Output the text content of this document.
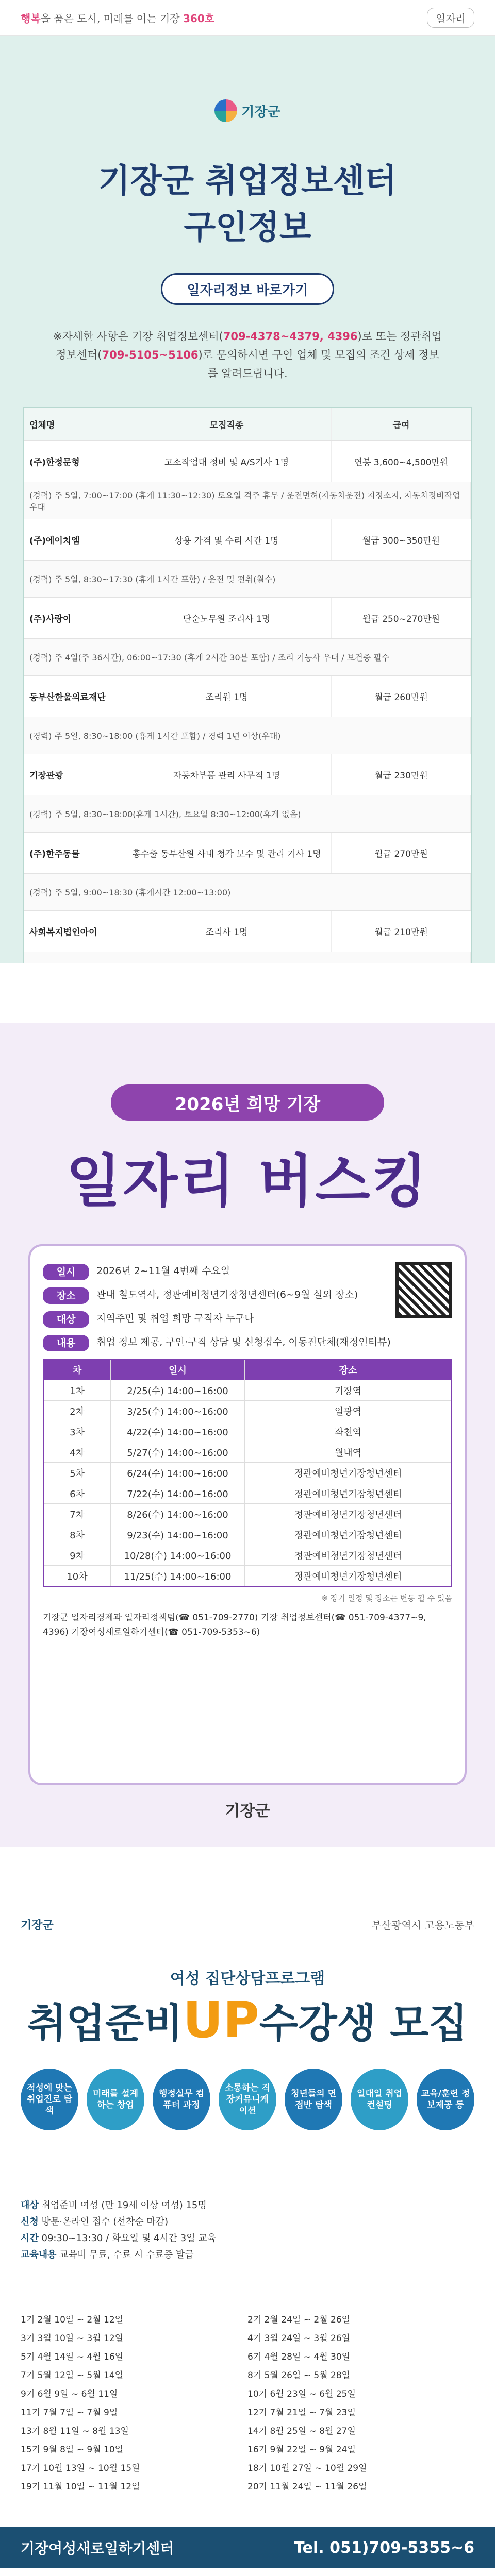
행복을 품은 도시, 미래를 여는 기장 360호	일자리
기장군
기장군 취업정보센터
구인정보
일자리정보 바로가기
※자세한 사항은 기장 취업정보센터(709-4378~4379, 4396)로 또는 정관취업정보센터(709-5105~5106)로 문의하시면 구인 업체 및 모집의 조건 상세 정보를 알려드립니다.
업체명	모집직종	급여
(주)한정문형	고소작업대 정비 및 A/S기사 1명	연봉 3,600~4,500만원
(경력) 주 5일, 7:00~17:00 (휴게 11:30~12:30) 토요일 격주 휴무 / 운전면허(자동차운전) 지정소지, 자동차정비작업 우대
(주)에이치엠	상용 가격 및 수리 시간 1명	월급 300~350만원
(경력) 주 5일, 8:30~17:30 (휴게 1시간 포함) / 운전 및 편취(월수)
(주)사랑이	단순노무원 조리사 1명	월급 250~270만원
(경력) 주 4일(주 36시간), 06:00~17:30 (휴게 2시간 30분 포함) / 조리 기능사 우대 / 보건증 필수
동부산한울의료재단	조리원 1명	월급 260만원
(경력) 주 5일, 8:30~18:00 (휴게 1시간 포함) / 경력 1년 이상(우대)
기장관광	자동차부품 관리 사무직 1명	월급 230만원
(경력) 주 5일, 8:30~18:00(휴게 1시간), 토요일 8:30~12:00(휴게 없음)
(주)한주동물	홍수출 동부산원 사내 청각 보수 및 관리 기사 1명	월급 270만원
(경력) 주 5일, 9:00~18:30 (휴게시간 12:00~13:00)
사회복지법인아이	조리사 1명	월급 210만원
2026년 희망 기장
일자리 버스킹
일시	2026년 2~11월 4번째 수요일
장소	관내 철도역사, 정관예비청년기장청년센터(6~9월 실외 장소)
대상	지역주민 및 취업 희망 구직자 누구나
내용	취업 정보 제공, 구인·구직 상담 및 신청접수, 이동진단체(재정인터뷰)
차	일시	장소
1차	2/25(수) 14:00~16:00	기장역
2차	3/25(수) 14:00~16:00	일광역
3차	4/22(수) 14:00~16:00	좌천역
4차	5/27(수) 14:00~16:00	월내역
5차	6/24(수) 14:00~16:00	정관예비청년기장청년센터
6차	7/22(수) 14:00~16:00	정관예비청년기장청년센터
7차	8/26(수) 14:00~16:00	정관예비청년기장청년센터
8차	9/23(수) 14:00~16:00	정관예비청년기장청년센터
9차	10/28(수) 14:00~16:00	정관예비청년기장청년센터
10차	11/25(수) 14:00~16:00	정관예비청년기장청년센터
※ 장기 일정 및 장소는 변동 될 수 있음
기장군 일자리경제과 일자리정책팀(☎ 051-709-2770) 기장 취업정보센터(☎ 051-709-4377~9, 4396) 기장여성새로일하기센터(☎ 051-709-5353~6)
기장군
기장군	부산광역시 고용노동부
여성 집단상담프로그램
취업준비UP수강생 모집
적성에 맞는 취업진로 탐색
미래를 설계하는 창업
행정실무 컴퓨터 과정
소통하는 직장커뮤니케이션
청년들의 면접반 탐색
일대일 취업 컨설팅
교육/훈련 정보제공 등
대상 취업준비 여성 (만 19세 이상 여성) 15명
신청 방문·온라인 접수 (선착순 마감)
시간 09:30~13:30 / 화요일 및 4시간 3일 교육
교육내용 교육비 무료, 수료 시 수료증 발급
1기 2월 10일 ~ 2월 12일	2기 2월 24일 ~ 2월 26일
3기 3월 10일 ~ 3월 12일	4기 3월 24일 ~ 3월 26일
5기 4월 14일 ~ 4월 16일	6기 4월 28일 ~ 4월 30일
7기 5월 12일 ~ 5월 14일	8기 5월 26일 ~ 5월 28일
9기 6월 9일 ~ 6월 11일	10기 6월 23일 ~ 6월 25일
11기 7월 7일 ~ 7월 9일	12기 7월 21일 ~ 7월 23일
13기 8월 11일 ~ 8월 13일	14기 8월 25일 ~ 8월 27일
15기 9월 8일 ~ 9월 10일	16기 9월 22일 ~ 9월 24일
17기 10월 13일 ~ 10월 15일	18기 10월 27일 ~ 10월 29일
19기 11월 10일 ~ 11월 12일	20기 11월 24일 ~ 11월 26일
기장여성새로일하기센터	Tel. 051)709-5355~6
